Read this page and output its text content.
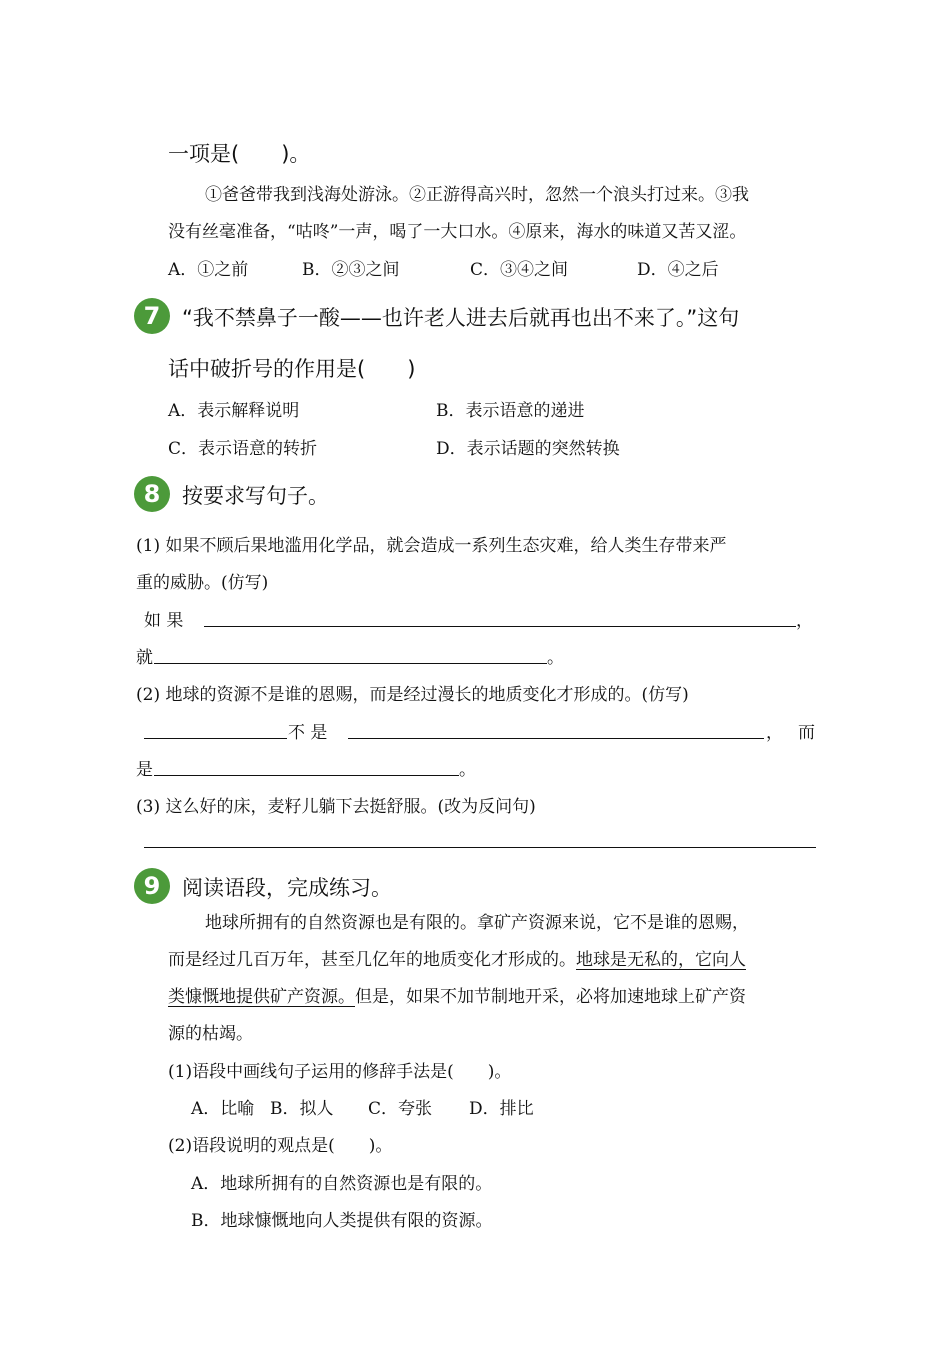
一项是(　　)。
①爸爸带我到浅海处游泳。②正游得高兴时，忽然一个浪头打过来。③我
没有丝毫准备，“咕咚”一声，喝了一大口水。④原来，海水的味道又苦又涩。
A．①之前	B．②③之间	C．③④之间	D．④之后
7	“我不禁鼻子一酸——也许老人进去后就再也出不来了。”这句
话中破折号的作用是(　　)
A．表示解释说明	B．表示语意的递进
C．表示语意的转折	D．表示话题的突然转换
8	按要求写句子。
(1) 如果不顾后果地滥用化学品，就会造成一系列生态灾难，给人类生存带来严
重的威胁。(仿写)
如 果	，
就	。
(2) 地球的资源不是谁的恩赐，而是经过漫长的地质变化才形成的。(仿写)
不 是	， 而
是	。
(3) 这么好的床，麦籽儿躺下去挺舒服。(改为反问句)
9	阅读语段，完成练习。
地球所拥有的自然资源也是有限的。拿矿产资源来说，它不是谁的恩赐，
而是经过几百万年，甚至几亿年的地质变化才形成的。地球是无私的，它向人
类慷慨地提供矿产资源。但是，如果不加节制地开采，必将加速地球上矿产资
源的枯竭。
(1)语段中画线句子运用的修辞手法是(　　)。
A．比喻 B．拟人 C．夸张 D．排比
(2)语段说明的观点是(　　)。
A．地球所拥有的自然资源也是有限的。
B．地球慷慨地向人类提供有限的资源。
